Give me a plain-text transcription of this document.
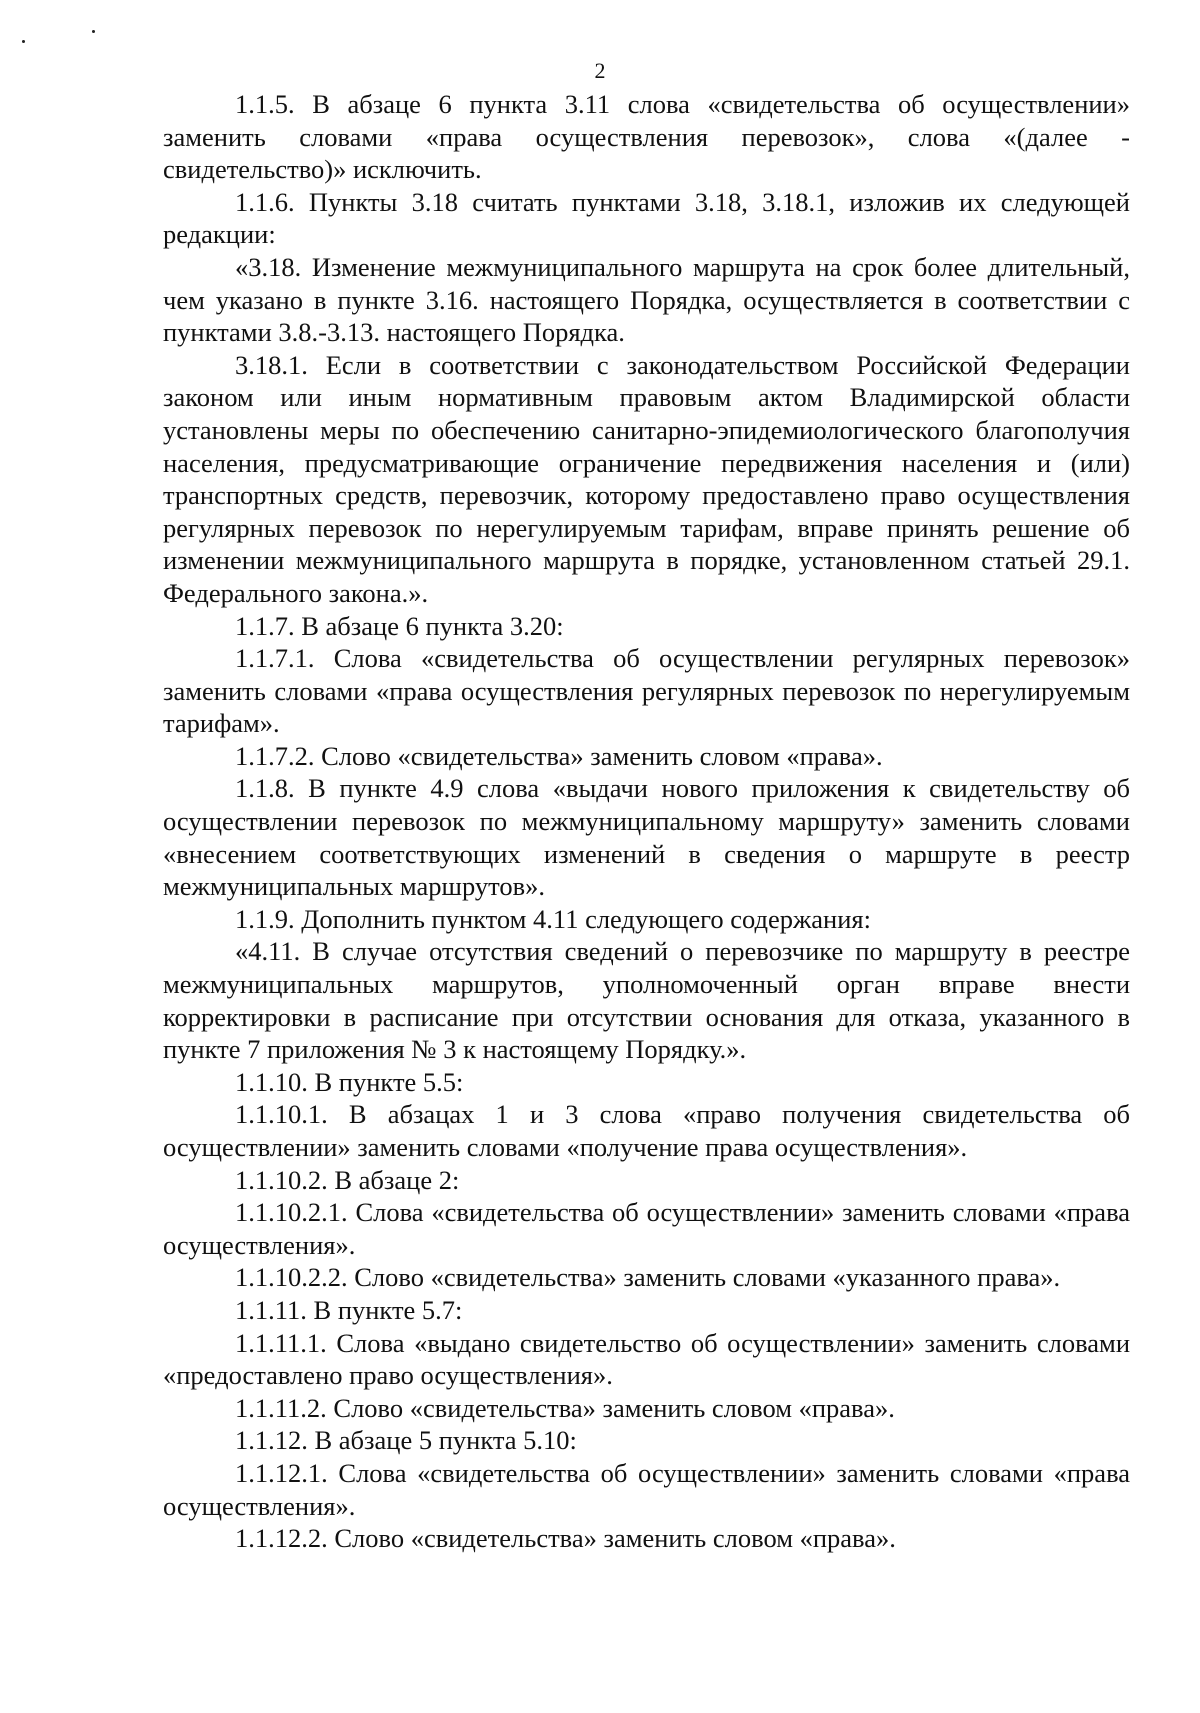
2

1.1.5. В абзаце 6 пункта 3.11 слова «свидетельства об осуществлении» заменить словами «права осуществления перевозок», слова «(далее - свидетельство)» исключить.

1.1.6. Пункты 3.18 считать пунктами 3.18, 3.18.1, изложив их следующей редакции:

«3.18. Изменение межмуниципального маршрута на срок более длительный, чем указано в пункте 3.16. настоящего Порядка, осуществляется в соответствии с пунктами 3.8.-3.13. настоящего Порядка.

3.18.1. Если в соответствии с законодательством Российской Федерации законом или иным нормативным правовым актом Владимирской области установлены меры по обеспечению санитарно-эпидемиологического благополучия населения, предусматривающие ограничение передвижения населения и (или) транспортных средств, перевозчик, которому предоставлено право осуществления регулярных перевозок по нерегулируемым тарифам, вправе принять решение об изменении межмуниципального маршрута в порядке, установленном статьей 29.1. Федерального закона.».

1.1.7. В абзаце 6 пункта 3.20:

1.1.7.1. Слова «свидетельства об осуществлении регулярных перевозок» заменить словами «права осуществления регулярных перевозок по нерегулируемым тарифам».

1.1.7.2. Слово «свидетельства» заменить словом «права».

1.1.8. В пункте 4.9 слова «выдачи нового приложения к свидетельству об осуществлении перевозок по межмуниципальному маршруту» заменить словами «внесением соответствующих изменений в сведения о маршруте в реестр межмуниципальных маршрутов».

1.1.9. Дополнить пунктом 4.11 следующего содержания:

«4.11. В случае отсутствия сведений о перевозчике по маршруту в реестре межмуниципальных маршрутов, уполномоченный орган вправе внести корректировки в расписание при отсутствии основания для отказа, указанного в пункте 7 приложения № 3 к настоящему Порядку.».

1.1.10. В пункте 5.5:

1.1.10.1. В абзацах 1 и 3 слова «право получения свидетельства об осуществлении» заменить словами «получение права осуществления».

1.1.10.2. В абзаце 2:

1.1.10.2.1. Слова «свидетельства об осуществлении» заменить словами «права осуществления».

1.1.10.2.2. Слово «свидетельства» заменить словами «указанного права».

1.1.11. В пункте 5.7:

1.1.11.1. Слова «выдано свидетельство об осуществлении» заменить словами «предоставлено право осуществления».

1.1.11.2. Слово «свидетельства» заменить словом «права».

1.1.12. В абзаце 5 пункта 5.10:

1.1.12.1. Слова «свидетельства об осуществлении» заменить словами «права осуществления».

1.1.12.2. Слово «свидетельства» заменить словом «права».
